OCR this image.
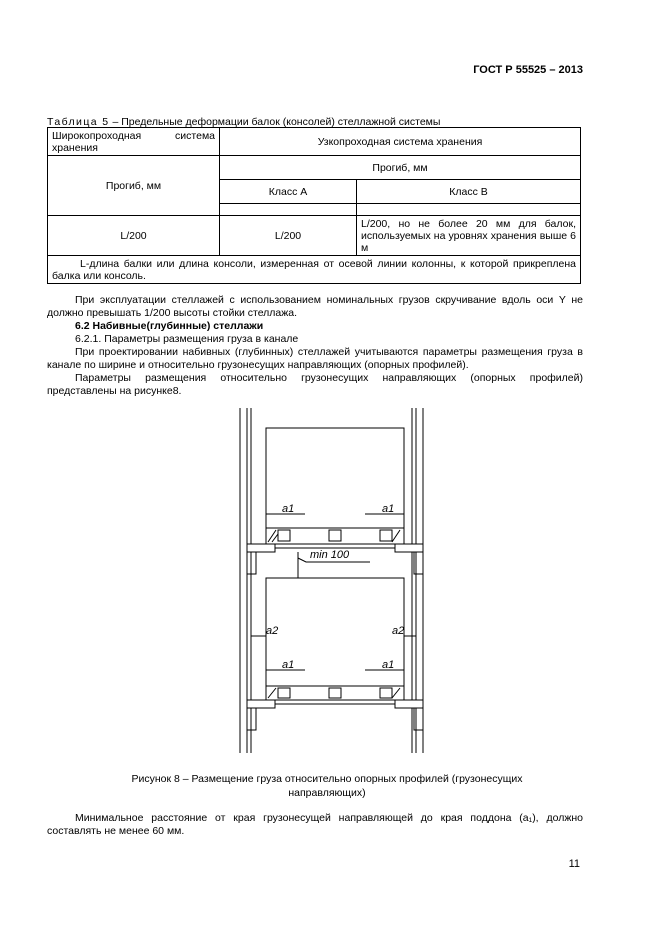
ГОСТ Р 55525 – 2013
Таблица 5 – Предельные деформации балок (консолей) стеллажной системы
Широкопроходная система хранения	Узкопроходная система хранения	
Прогиб, мм	Прогиб, мм	
	Класс А	Класс В

L/200	L/200	L/200, но не более 20 мм для балок, используемых на уровнях хранения выше 6 м
L-длина балки или длина консоли, измеренная от осевой линии колонны, к которой прикреплена балка или консоль.		
При эксплуатации стеллажей с использованием номинальных грузов скручивание вдоль оси Y не должно превышать 1/200 высоты стойки стеллажа.
6.2 Набивные(глубинные) стеллажи
6.2.1. Параметры размещения груза в канале
При проектировании набивных (глубинных) стеллажей учитываются параметры размещения груза в канале по ширине и относительно грузонесущих направляющих (опорных профилей).
Параметры размещения относительно грузонесущих направляющих (опорных профилей) представлены на рисунке8.
min 100
a1	a1
a2	a2
a1	a1
Рисунок 8 – Размещение груза относительно опорных профилей (грузонесущих
направляющих)
Минимальное расстояние от края грузонесущей направляющей до края поддона (a₁), должно составлять не менее 60 мм.
11
